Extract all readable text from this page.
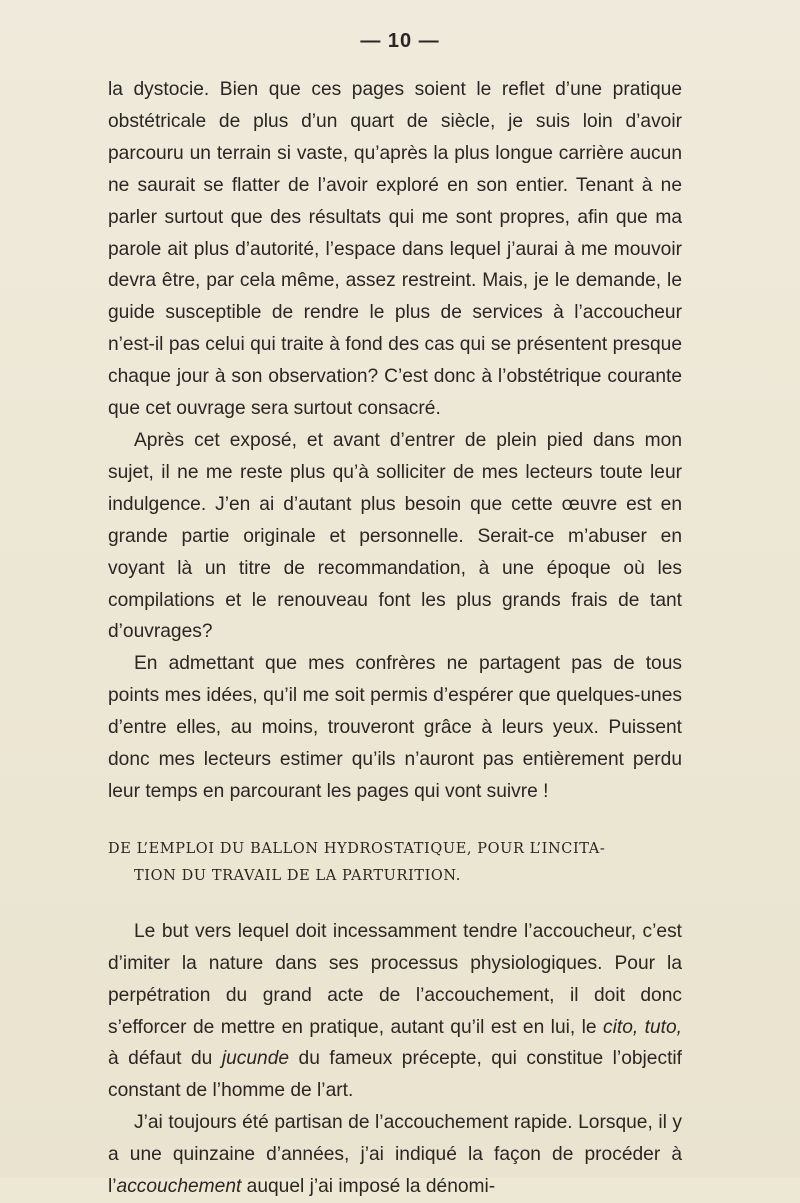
— 10 —

la dystocie. Bien que ces pages soient le reflet d’une pratique obstétricale de plus d’un quart de siècle, je suis loin d’avoir parcouru un terrain si vaste, qu’après la plus longue carrière aucun ne saurait se flatter de l’avoir exploré en son entier. Tenant à ne parler surtout que des résultats qui me sont propres, afin que ma parole ait plus d’autorité, l’espace dans lequel j’aurai à me mouvoir devra être, par cela même, assez restreint. Mais, je le demande, le guide susceptible de rendre le plus de services à l’accoucheur n’est-il pas celui qui traite à fond des cas qui se présentent presque chaque jour à son observation? C’est donc à l’obstétrique courante que cet ouvrage sera surtout consacré.

Après cet exposé, et avant d’entrer de plein pied dans mon sujet, il ne me reste plus qu’à solliciter de mes lecteurs toute leur indulgence. J’en ai d’autant plus besoin que cette œuvre est en grande partie originale et personnelle. Serait-ce m’abuser en voyant là un titre de recommandation, à une époque où les compilations et le renouveau font les plus grands frais de tant d’ouvrages?

En admettant que mes confrères ne partagent pas de tous points mes idées, qu’il me soit permis d’espérer que quelques-unes d’entre elles, au moins, trouveront grâce à leurs yeux. Puissent donc mes lecteurs estimer qu’ils n’auront pas entièrement perdu leur temps en parcourant les pages qui vont suivre !

DE L’EMPLOI DU BALLON HYDROSTATIQUE, POUR L’INCITA-
TION DU TRAVAIL DE LA PARTURITION.

Le but vers lequel doit incessamment tendre l’accoucheur, c’est d’imiter la nature dans ses processus physiologiques. Pour la perpétration du grand acte de l’accouchement, il doit donc s’efforcer de mettre en pratique, autant qu’il est en lui, le cito, tuto, à défaut du jucunde du fameux précepte, qui constitue l’objectif constant de l’homme de l’art.

J’ai toujours été partisan de l’accouchement rapide. Lorsque, il y a une quinzaine d’années, j’ai indiqué la façon de procéder à l’accouchement auquel j’ai imposé la dénomi-
